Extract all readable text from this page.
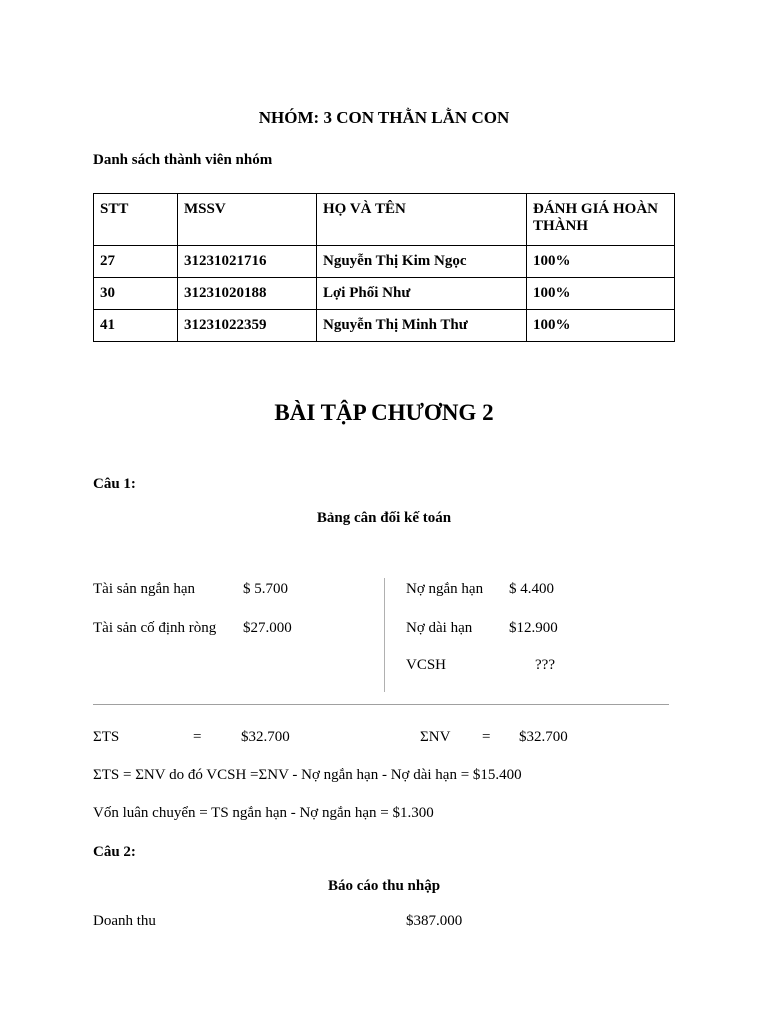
NHÓM: 3 CON THẰN LẰN CON
Danh sách thành viên nhóm
STT	MSSV	HỌ VÀ TÊN	ĐÁNH GIÁ HOÀN THÀNH
27	31231021716	Nguyễn Thị Kim Ngọc	100%
30	31231020188	Lợi Phối Như	100%
41	31231022359	Nguyễn Thị Minh Thư	100%
BÀI TẬP CHƯƠNG 2
Câu 1:
Bảng cân đối kế toán
Tài sản ngắn hạn	$ 5.700
Tài sản cố định ròng $27.000
Nợ ngắn hạn $ 4.400
Nợ dài hạn $12.900
VCSH	???
ΣTS	=	$32.700	ΣNV = $32.700
ΣTS = ΣNV do đó VCSH =ΣNV - Nợ ngắn hạn - Nợ dài hạn = $15.400
Vốn luân chuyển = TS ngắn hạn - Nợ ngắn hạn = $1.300
Câu 2:
Báo cáo thu nhập
Doanh thu	$387.000
